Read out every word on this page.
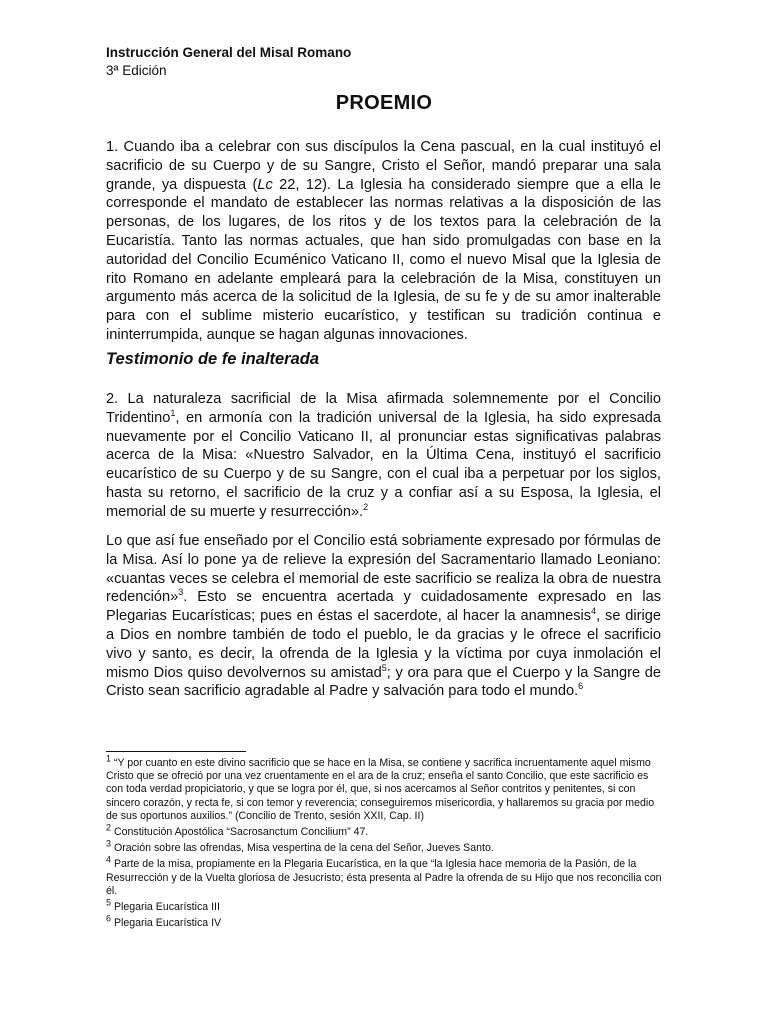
Instrucción General del Misal Romano
3ª Edición
PROEMIO
1. Cuando iba a celebrar con sus discípulos la Cena pascual, en la cual instituyó el sacrificio de su Cuerpo y de su Sangre, Cristo el Señor, mandó preparar una sala grande, ya dispuesta (Lc 22, 12). La Iglesia ha considerado siempre que a ella le corresponde el mandato de establecer las normas relativas a la disposición de las personas, de los lugares, de los ritos y de los textos para la celebración de la Eucaristía. Tanto las normas actuales, que han sido promulgadas con base en la autoridad del Concilio Ecuménico Vaticano II, como el nuevo Misal que la Iglesia de rito Romano en adelante empleará para la celebración de la Misa, constituyen un argumento más acerca de la solicitud de la Iglesia, de su fe y de su amor inalterable para con el sublime misterio eucarístico, y testifican su tradición continua e ininterrumpida, aunque se hagan algunas innovaciones.
Testimonio de fe inalterada
2. La naturaleza sacrificial de la Misa afirmada solemnemente por el Concilio Tridentino$^1$, en armonía con la tradición universal de la Iglesia, ha sido expresada nuevamente por el Concilio Vaticano II, al pronunciar estas significativas palabras acerca de la Misa: «Nuestro Salvador, en la Última Cena, instituyó el sacrificio eucarístico de su Cuerpo y de su Sangre, con el cual iba a perpetuar por los siglos, hasta su retorno, el sacrificio de la cruz y a confiar así a su Esposa, la Iglesia, el memorial de su muerte y resurrección».$^2$
Lo que así fue enseñado por el Concilio está sobriamente expresado por fórmulas de la Misa. Así lo pone ya de relieve la expresión del Sacramentario llamado Leoniano: «cuantas veces se celebra el memorial de este sacrificio se realiza la obra de nuestra redención»$^3$. Esto se encuentra acertada y cuidadosamente expresado en las Plegarias Eucarísticas; pues en éstas el sacerdote, al hacer la anamnesis$^4$, se dirige a Dios en nombre también de todo el pueblo, le da gracias y le ofrece el sacrificio vivo y santo, es decir, la ofrenda de la Iglesia y la víctima por cuya inmolación el mismo Dios quiso devolvernos su amistad$^5$; y ora para que el Cuerpo y la Sangre de Cristo sean sacrificio agradable al Padre y salvación para todo el mundo.$^6$
$^1$ “Y por cuanto en este divino sacrificio que se hace en la Misa, se contiene y sacrifica incruentamente aquel mismo Cristo que se ofreció por una vez cruentamente en el ara de la cruz; enseña el santo Concilio, que este sacrificio es con toda verdad propiciatorio, y que se logra por él, que, si nos acercamos al Señor contritos y penitentes, si con sincero corazón, y recta fe, si con temor y reverencia; conseguiremos misericordia, y hallaremos su gracia por medio de sus oportunos auxilios.” (Concilio de Trento, sesión XXII, Cap. II)
$^2$ Constitución Apostólica “Sacrosanctum Concilium” 47.
$^3$ Oración sobre las ofrendas, Misa vespertina de la cena del Señor, Jueves Santo.
$^4$ Parte de la misa, propiamente en la Plegaria Eucarística, en la que “la Iglesia hace memoria de la Pasión, de la Resurrección y de la Vuelta gloriosa de Jesucristo; ésta presenta al Padre la ofrenda de su Hijo que nos reconcilia con él.
$^5$ Plegaria Eucarística III
$^6$ Plegaria Eucarística IV
